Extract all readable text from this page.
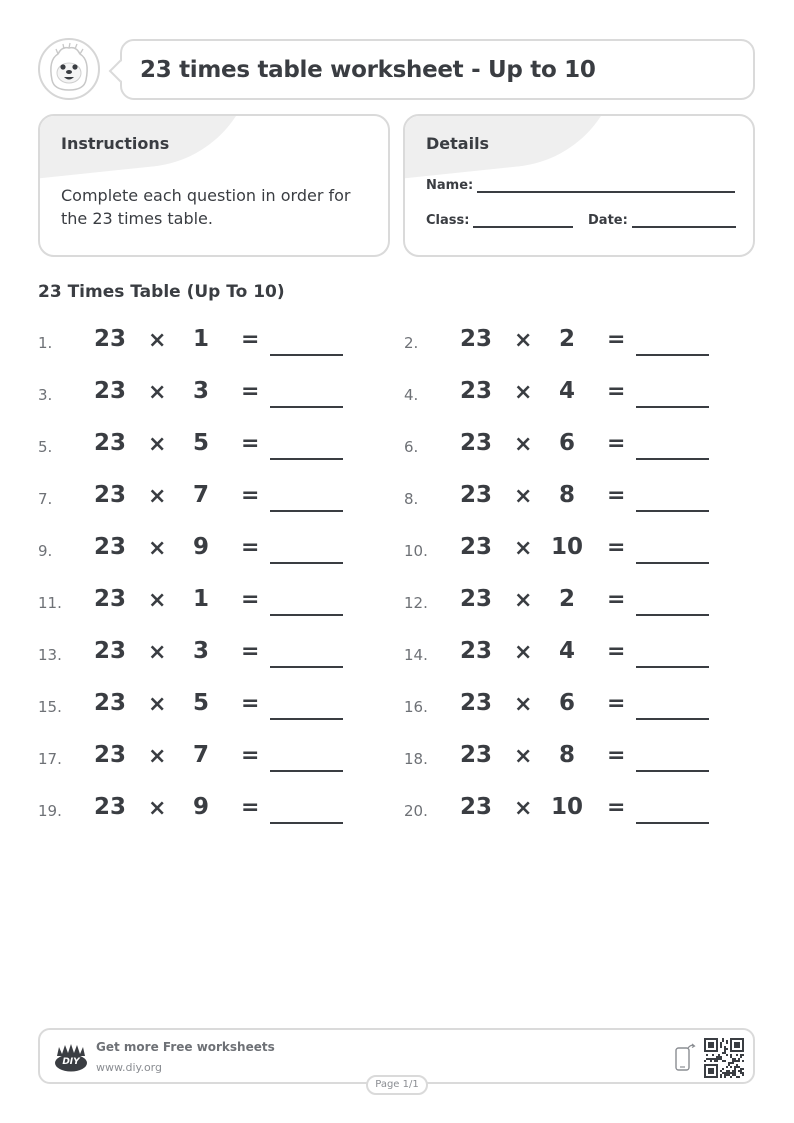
23 times table worksheet - Up to 10
Instructions
Complete each question in order for the 23 times table.
Details
Name:
Class:	Date:
23 Times Table (Up To 10)
1. 23 ×	1	=	2. 23 ×	2	=
3. 23 ×	3	=	4. 23 ×	4	=
5. 23 ×	5	=	6. 23 ×	6	=
7. 23 ×	7	=	8. 23 ×	8	=
9. 23 ×	9	=	10. 23 × 10 =
11. 23 ×	1	=	12. 23 ×	2	=
13. 23 ×	3	=	14. 23 ×	4	=
15. 23 ×	5	=	16. 23 ×	6	=
17. 23 ×	7	=	18. 23 ×	8	=
19. 23 ×	9	=	20. 23 × 10 =
DIY
Get more Free worksheets
www.diy.org
Page 1/1
